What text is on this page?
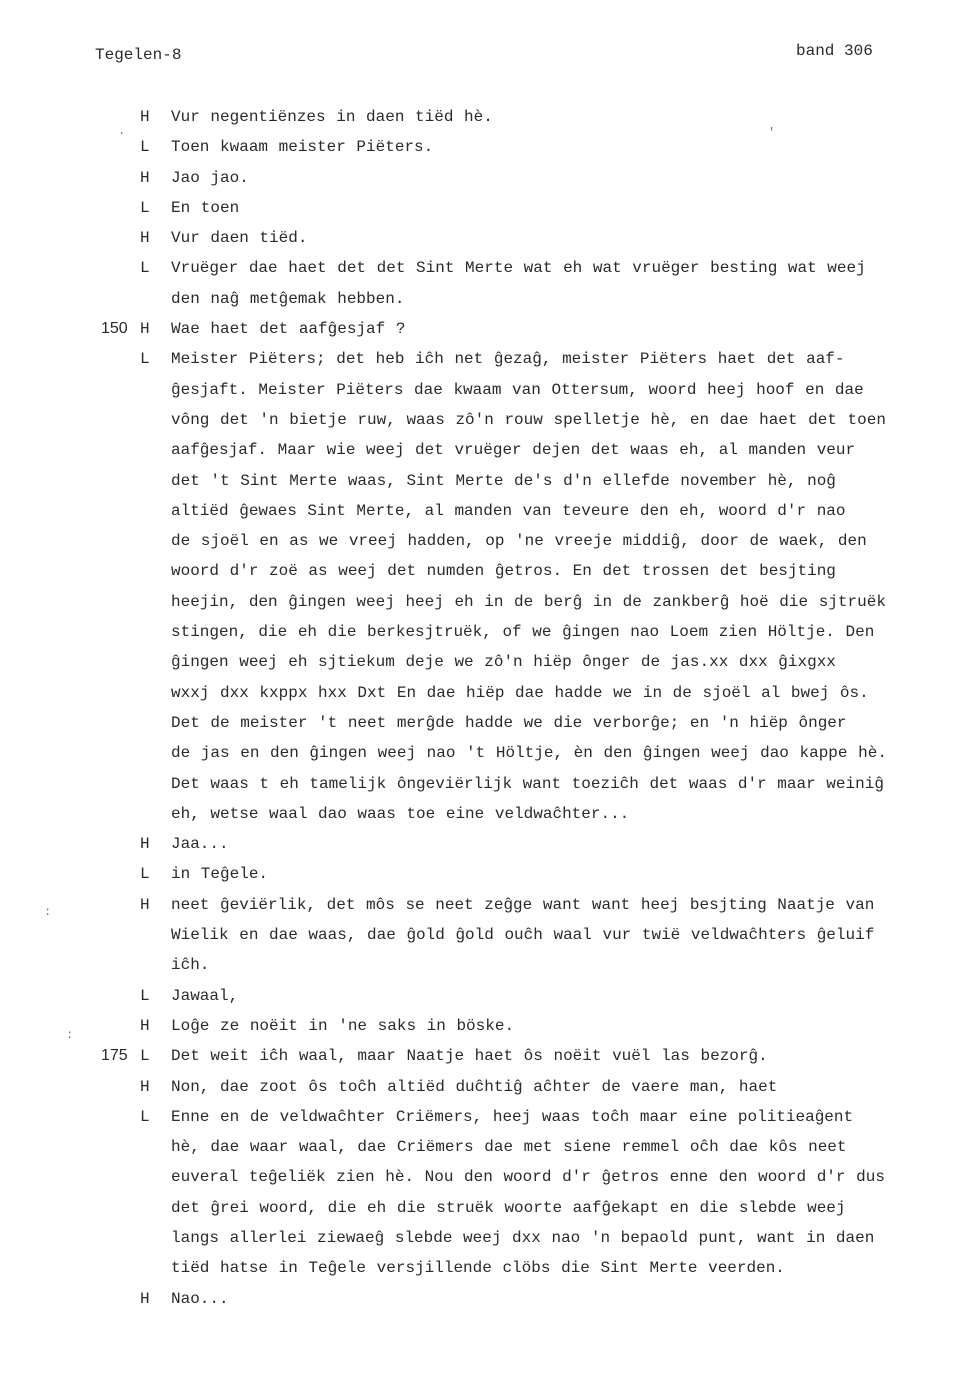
Tegelen-8	band 306
H	Vur negentiënzes in daen tiëd hè.
L	Toen kwaam meister Piëters.
H	Jao jao.
L	En toen
H	Vur daen tiëd.
L	Vruëger dae haet det det Sint Merte wat eh wat vruëger besting wat weej
den naĝ metĝemak hebben.
150 H	Wae haet det aafĝesjaf ?
L	Meister Piëters; det heb iĉh net ĝezaĝ, meister Piëters haet det aaf-
ĝesjaft. Meister Piëters dae kwaam van Ottersum, woord heej hoof en dae
vông det 'n bietje ruw, waas zô'n rouw spelletje hè, en dae haet det toen
aafĝesjaf. Maar wie weej det vruëger dejen det waas eh, al manden veur
det 't Sint Merte waas, Sint Merte de's d'n ellefde november hè, noĝ
altiëd ĝewaes Sint Merte, al manden van teveure den eh, woord d'r nao
de sjoël en as we vreej hadden, op 'ne vreeje middiĝ, door de waek, den
woord d'r zoë as weej det numden ĝetros. En det trossen det besjting
heejin, den ĝingen weej heej eh in de berĝ in de zankberĝ hoë die sjtruëk
stingen, die eh die berkesjtruëk, of we ĝingen nao Loem zien Höltje. Den
ĝingen weej eh sjtiekum deje we zô'n hiëp ônger de jas.xx dxx ĝixgxx
wxxj dxx kxppx hxx Dxt En dae hiëp dae hadde we in de sjoël al bwej ôs.
Det de meister 't neet merĝde hadde we die verborĝe; en 'n hiëp ônger
de jas en den ĝingen weej nao 't Höltje, èn den ĝingen weej dao kappe hè.
Det waas t eh tamelijk ôngeviërlijk want toeziĉh det waas d'r maar weiniĝ
eh, wetse waal dao waas toe eine veldwaĉhter...
H	Jaa...
L	in Teĝele.
H	neet ĝeviërlik, det môs se neet zeĝge want want heej besjting Naatje van
Wielik en dae waas, dae ĝold ĝold ouĉh waal vur twië veldwaĉhters ĝeluif
iĉh.
L	Jawaal,
H	Loĝe ze noëit in 'ne saks in böske.
175 L	Det weit iĉh waal, maar Naatje haet ôs noëit vuël las bezorĝ.
H	Non, dae zoot ôs toĉh altiëd duĉhtiĝ aĉhter de vaere man, haet
L	Enne en de veldwaĉhter Criëmers, heej waas toĉh maar eine politieaĝent
hè, dae waar waal, dae Criëmers dae met siene remmel oĉh dae kôs neet
euveral teĝeliëk zien hè. Nou den woord d'r ĝetros enne den woord d'r dus
det ĝrei woord, die eh die struëk woorte aafĝekapt en die slebde weej
langs allerlei ziewaeĝ slebde weej dxx nao 'n bepaold punt, want in daen
tiëd hatse in Teĝele versjillende clöbs die Sint Merte veerden.
H	Nao...
.	'
:
:
